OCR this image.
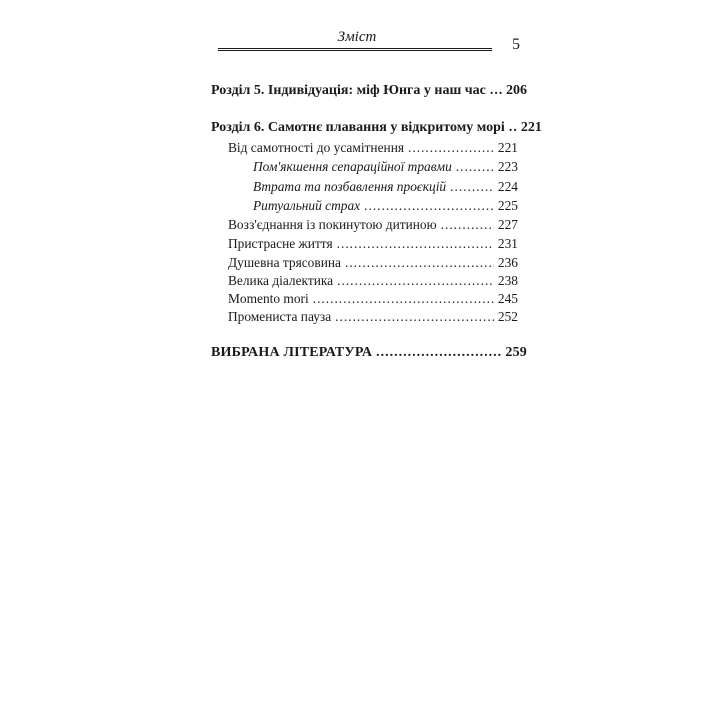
Зміст	5
Розділ 5. Індивідуація: міф Юнга у наш час ..... 206
Розділ 6. Самотнє плавання у відкритому морі ..... 221
Від самотності до усамітнення .....	221
Пом'якшення сепараційної травми .....	223
Втрата та позбавлення проєкцій .....	224
Ритуальний страх .....	225
Возз'єднання із покинутою дитиною .....	227
Пристрасне життя .....	231
Душевна трясовина .....	236
Велика діалектика .....	238
Momento mori .....	245
Промениста пауза .....	252
ВИБРАНА ЛІТЕРАТУРА .....	259
